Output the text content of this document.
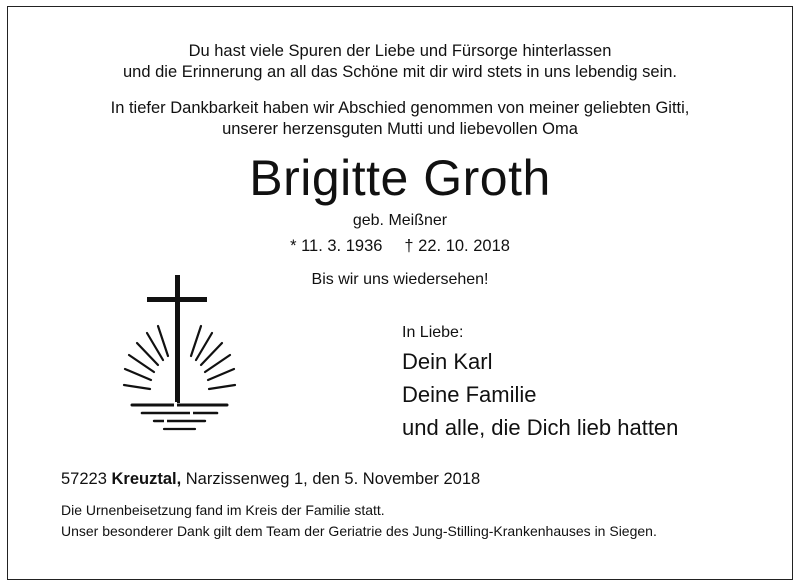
Du hast viele Spuren der Liebe und Fürsorge hinterlassen
und die Erinnerung an all das Schöne mit dir wird stets in uns lebendig sein.
In tiefer Dankbarkeit haben wir Abschied genommen von meiner geliebten Gitti,
unserer herzensguten Mutti und liebevollen Oma
Brigitte Groth
geb. Meißner
* 11. 3. 1936 † 22. 10. 2018
Bis wir uns wiedersehen!
In Liebe:
Dein Karl
Deine Familie
und alle, die Dich lieb hatten
57223 Kreuztal, Narzissenweg 1, den 5. November 2018
Die Urnenbeisetzung fand im Kreis der Familie statt.
Unser besonderer Dank gilt dem Team der Geriatrie des Jung-Stilling-Krankenhauses in Siegen.
